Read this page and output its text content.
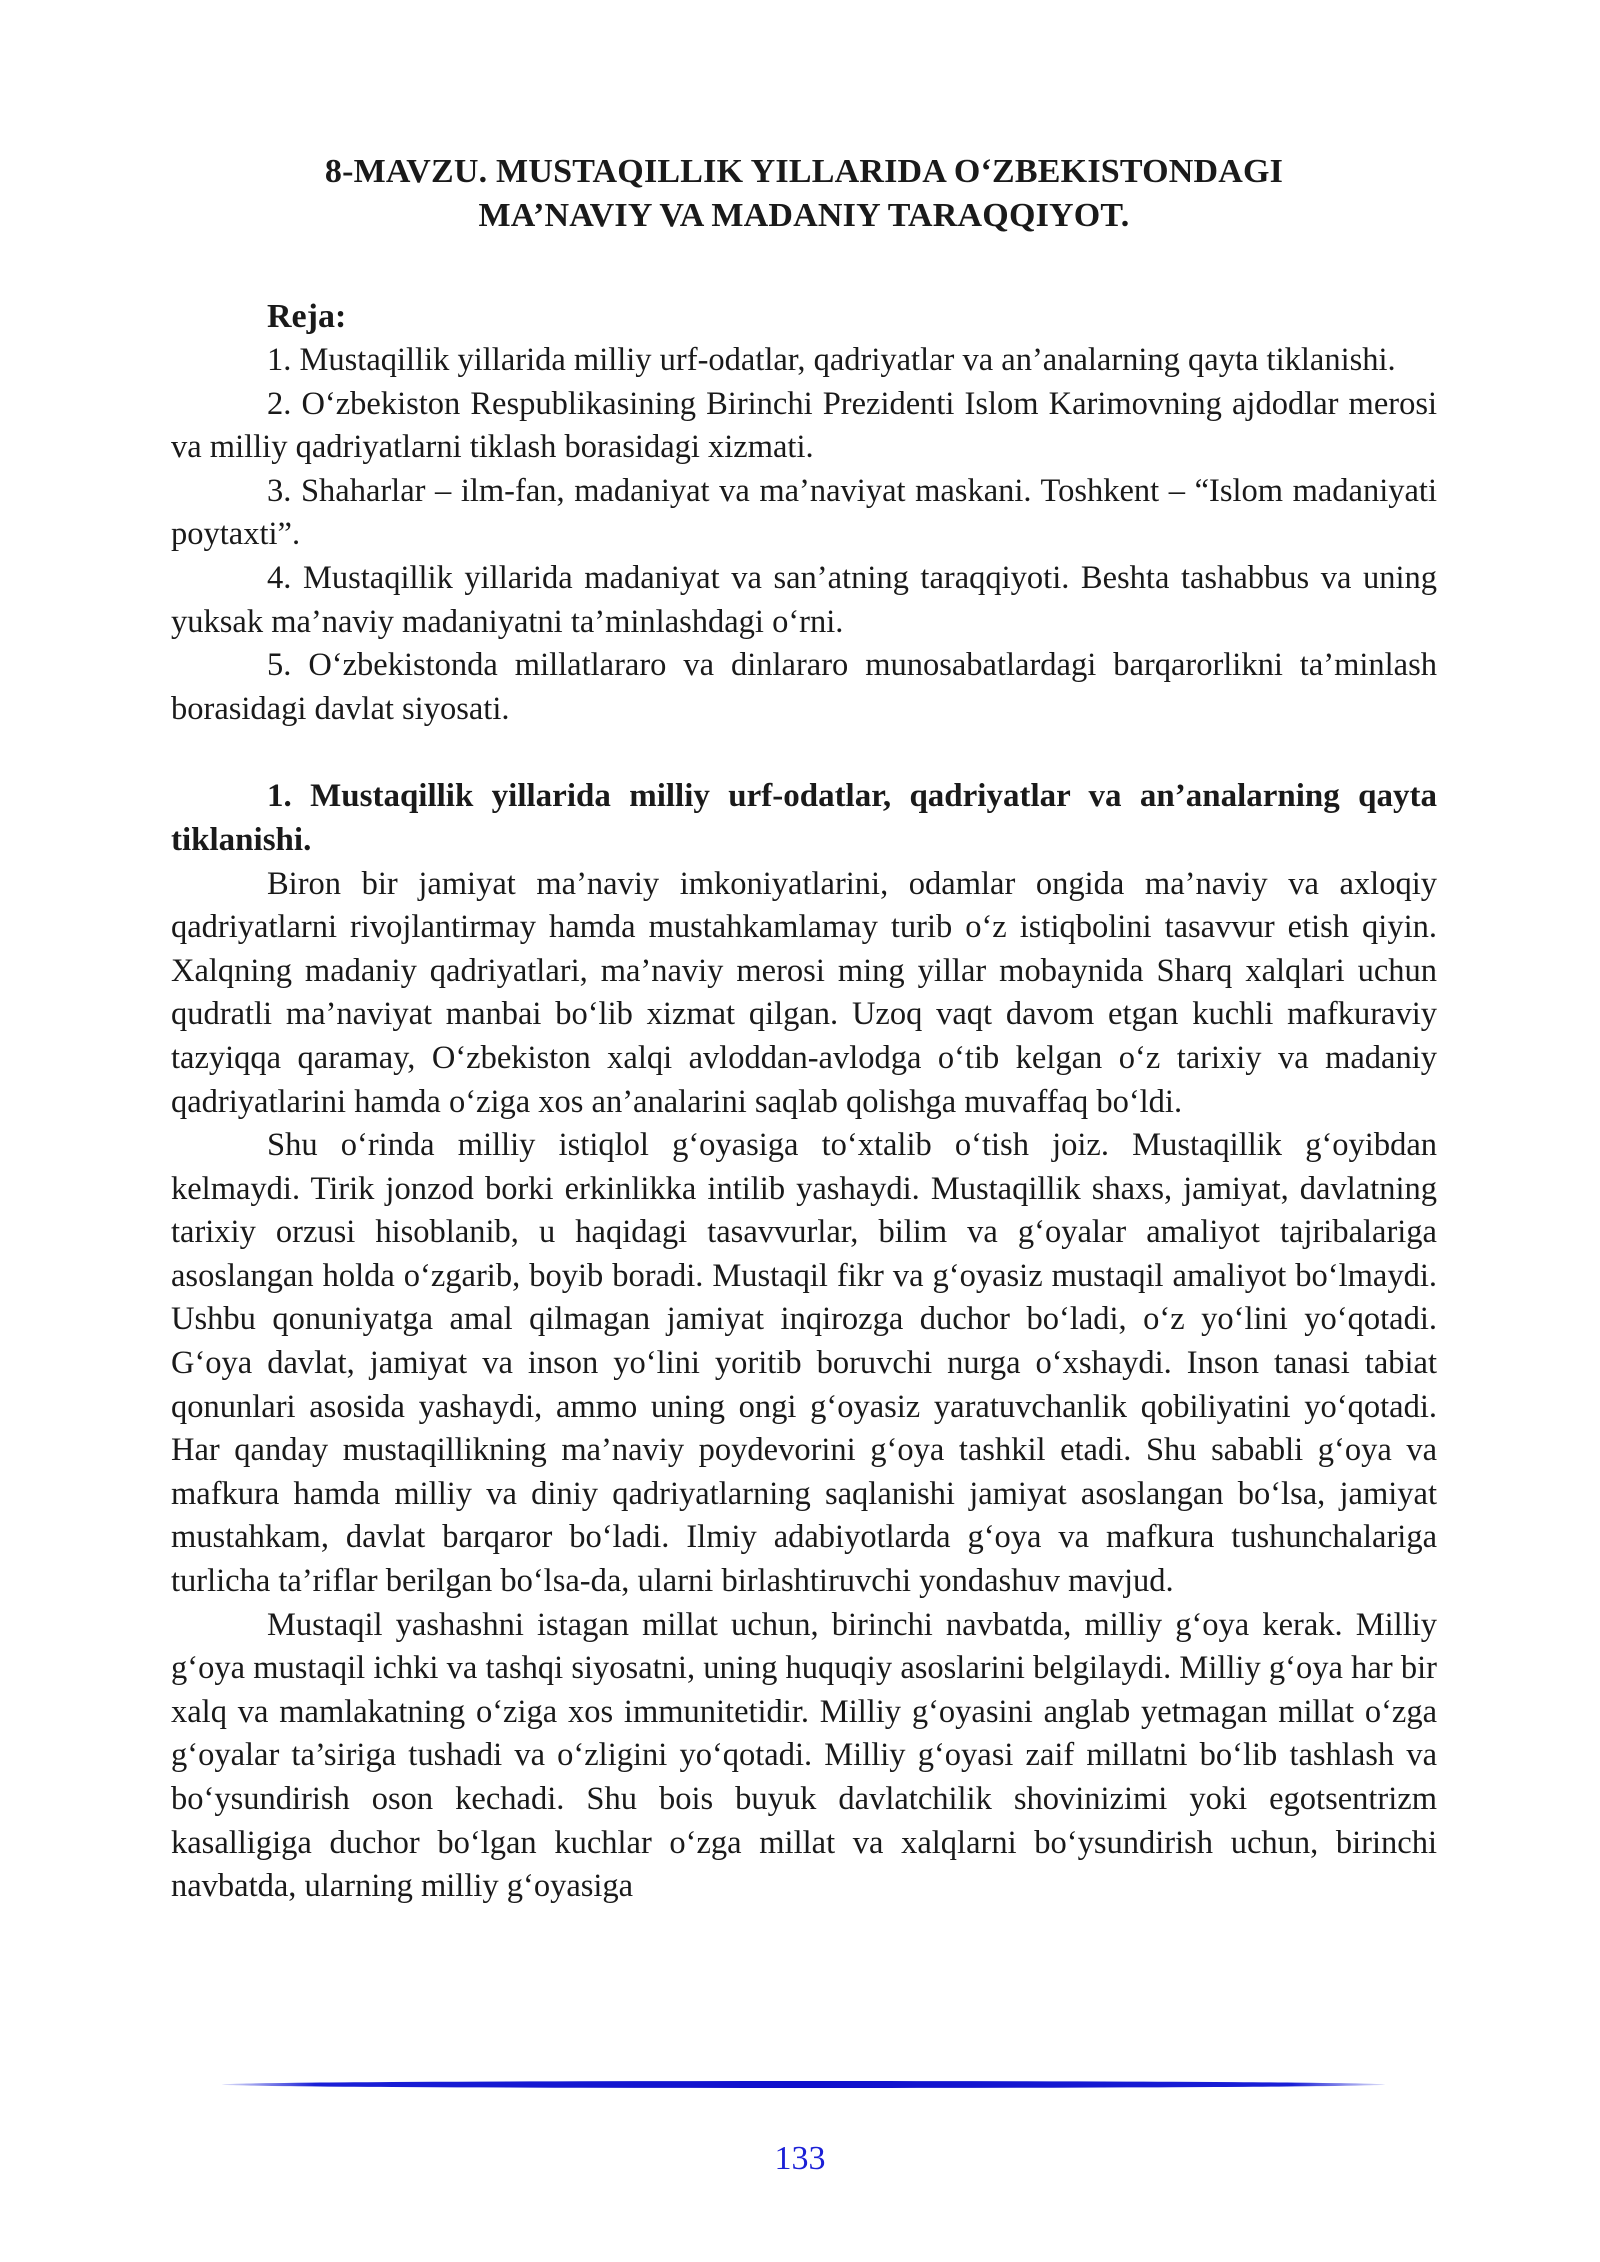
8-MAVZU. MUSTAQILLIK YILLARIDA O‘ZBEKISTONDAGI
MA’NAVIY VA MADANIY TARAQQIYOT.
Reja:

1. Mustaqillik yillarida milliy urf-odatlar, qadriyatlar va an’analarning qayta tiklanishi.

2. O‘zbekiston Respublikasining Birinchi Prezidenti Islom Karimovning ajdodlar merosi va milliy qadriyatlarni tiklash borasidagi xizmati.

3. Shaharlar – ilm-fan, madaniyat va ma’naviyat maskani. Toshkent – “Islom madaniyati poytaxti”.

4. Mustaqillik yillarida madaniyat va san’atning taraqqiyoti. Beshta tashabbus va uning yuksak ma’naviy madaniyatni ta’minlashdagi o‘rni.

5. O‘zbekistonda millatlararo va dinlararo munosabatlardagi barqarorlikni ta’minlash borasidagi davlat siyosati.

1. Mustaqillik yillarida milliy urf-odatlar, qadriyatlar va an’analarning qayta tiklanishi.

Biron bir jamiyat ma’naviy imkoniyatlarini, odamlar ongida ma’naviy va axloqiy qadriyatlarni rivojlantirmay hamda mustahkamlamay turib o‘z istiqbolini tasavvur etish qiyin. Xalqning madaniy qadriyatlari, ma’naviy merosi ming yillar mobaynida Sharq xalqlari uchun qudratli ma’naviyat manbai bo‘lib xizmat qilgan. Uzoq vaqt davom etgan kuchli mafkuraviy tazyiqqa qaramay, O‘zbekiston xalqi avloddan-avlodga o‘tib kelgan o‘z tarixiy va madaniy qadriyatlarini hamda o‘ziga xos an’analarini saqlab qolishga muvaffaq bo‘ldi.

Shu o‘rinda milliy istiqlol g‘oyasiga to‘xtalib o‘tish joiz. Mustaqillik g‘oyibdan kelmaydi. Tirik jonzod borki erkinlikka intilib yashaydi. Mustaqillik shaxs, jamiyat, davlatning tarixiy orzusi hisoblanib, u haqidagi tasavvurlar, bilim va g‘oyalar amaliyot tajribalariga asoslangan holda o‘zgarib, boyib boradi. Mustaqil fikr va g‘oyasiz mustaqil amaliyot bo‘lmaydi. Ushbu qonuniyatga amal qilmagan jamiyat inqirozga duchor bo‘ladi, o‘z yo‘lini yo‘qotadi. G‘oya davlat, jamiyat va inson yo‘lini yoritib boruvchi nurga o‘xshaydi. Inson tanasi tabiat qonunlari asosida yashaydi, ammo uning ongi g‘oyasiz yaratuvchanlik qobiliyatini yo‘qotadi. Har qanday mustaqillikning ma’naviy poydevorini g‘oya tashkil etadi. Shu sababli g‘oya va mafkura hamda milliy va diniy qadriyatlarning saqlanishi jamiyat asoslangan bo‘lsa, jamiyat mustahkam, davlat barqaror bo‘ladi. Ilmiy adabiyotlarda g‘oya va mafkura tushunchalariga turlicha ta’riflar berilgan bo‘lsa-da, ularni birlashtiruvchi yondashuv mavjud.

Mustaqil yashashni istagan millat uchun, birinchi navbatda, milliy g‘oya kerak. Milliy g‘oya mustaqil ichki va tashqi siyosatni, uning huquqiy asoslarini belgilaydi. Milliy g‘oya har bir xalq va mamlakatning o‘ziga xos immunitetidir. Milliy g‘oyasini anglab yetmagan millat o‘zga g‘oyalar ta’siriga tushadi va o‘zligini yo‘qotadi. Milliy g‘oyasi zaif millatni bo‘lib tashlash va bo‘ysundirish oson kechadi. Shu bois buyuk davlatchilik shovinizimi yoki egotsentrizm kasalligiga duchor bo‘lgan kuchlar o‘zga millat va xalqlarni bo‘ysundirish uchun, birinchi navbatda, ularning milliy g‘oyasiga

133
